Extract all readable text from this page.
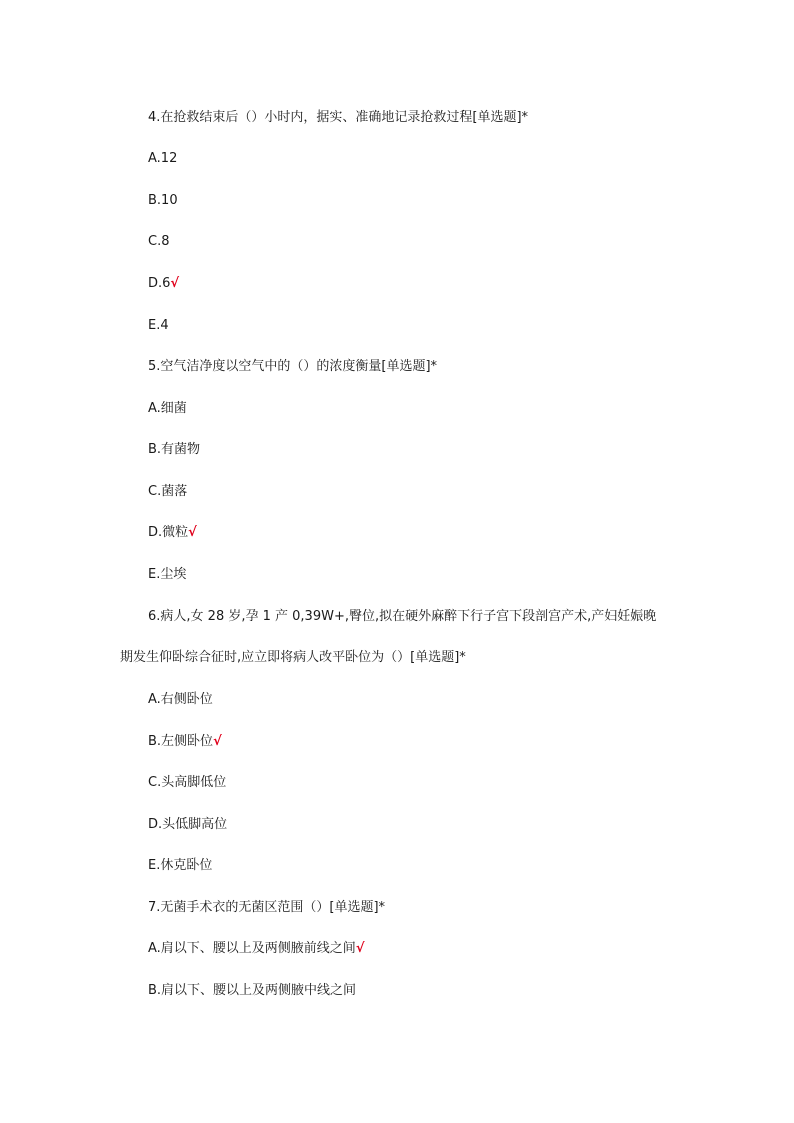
4.在抢救结束后（）小时内，据实、准确地记录抢救过程[单选题]*
A.12
B.10
C.8
D.6√
E.4
5.空气洁净度以空气中的（）的浓度衡量[单选题]*
A.细菌
B.有菌物
C.菌落
D.微粒√
E.尘埃
6.病人,女 28 岁,孕 1 产 0,39W+,臀位,拟在硬外麻醉下行子宫下段剖宫产术,产妇妊娠晚
期发生仰卧综合征时,应立即将病人改平卧位为（）[单选题]*
A.右侧卧位
B.左侧卧位√
C.头高脚低位
D.头低脚高位
E.休克卧位
7.无菌手术衣的无菌区范围（）[单选题]*
A.肩以下、腰以上及两侧腋前线之间√
B.肩以下、腰以上及两侧腋中线之间
